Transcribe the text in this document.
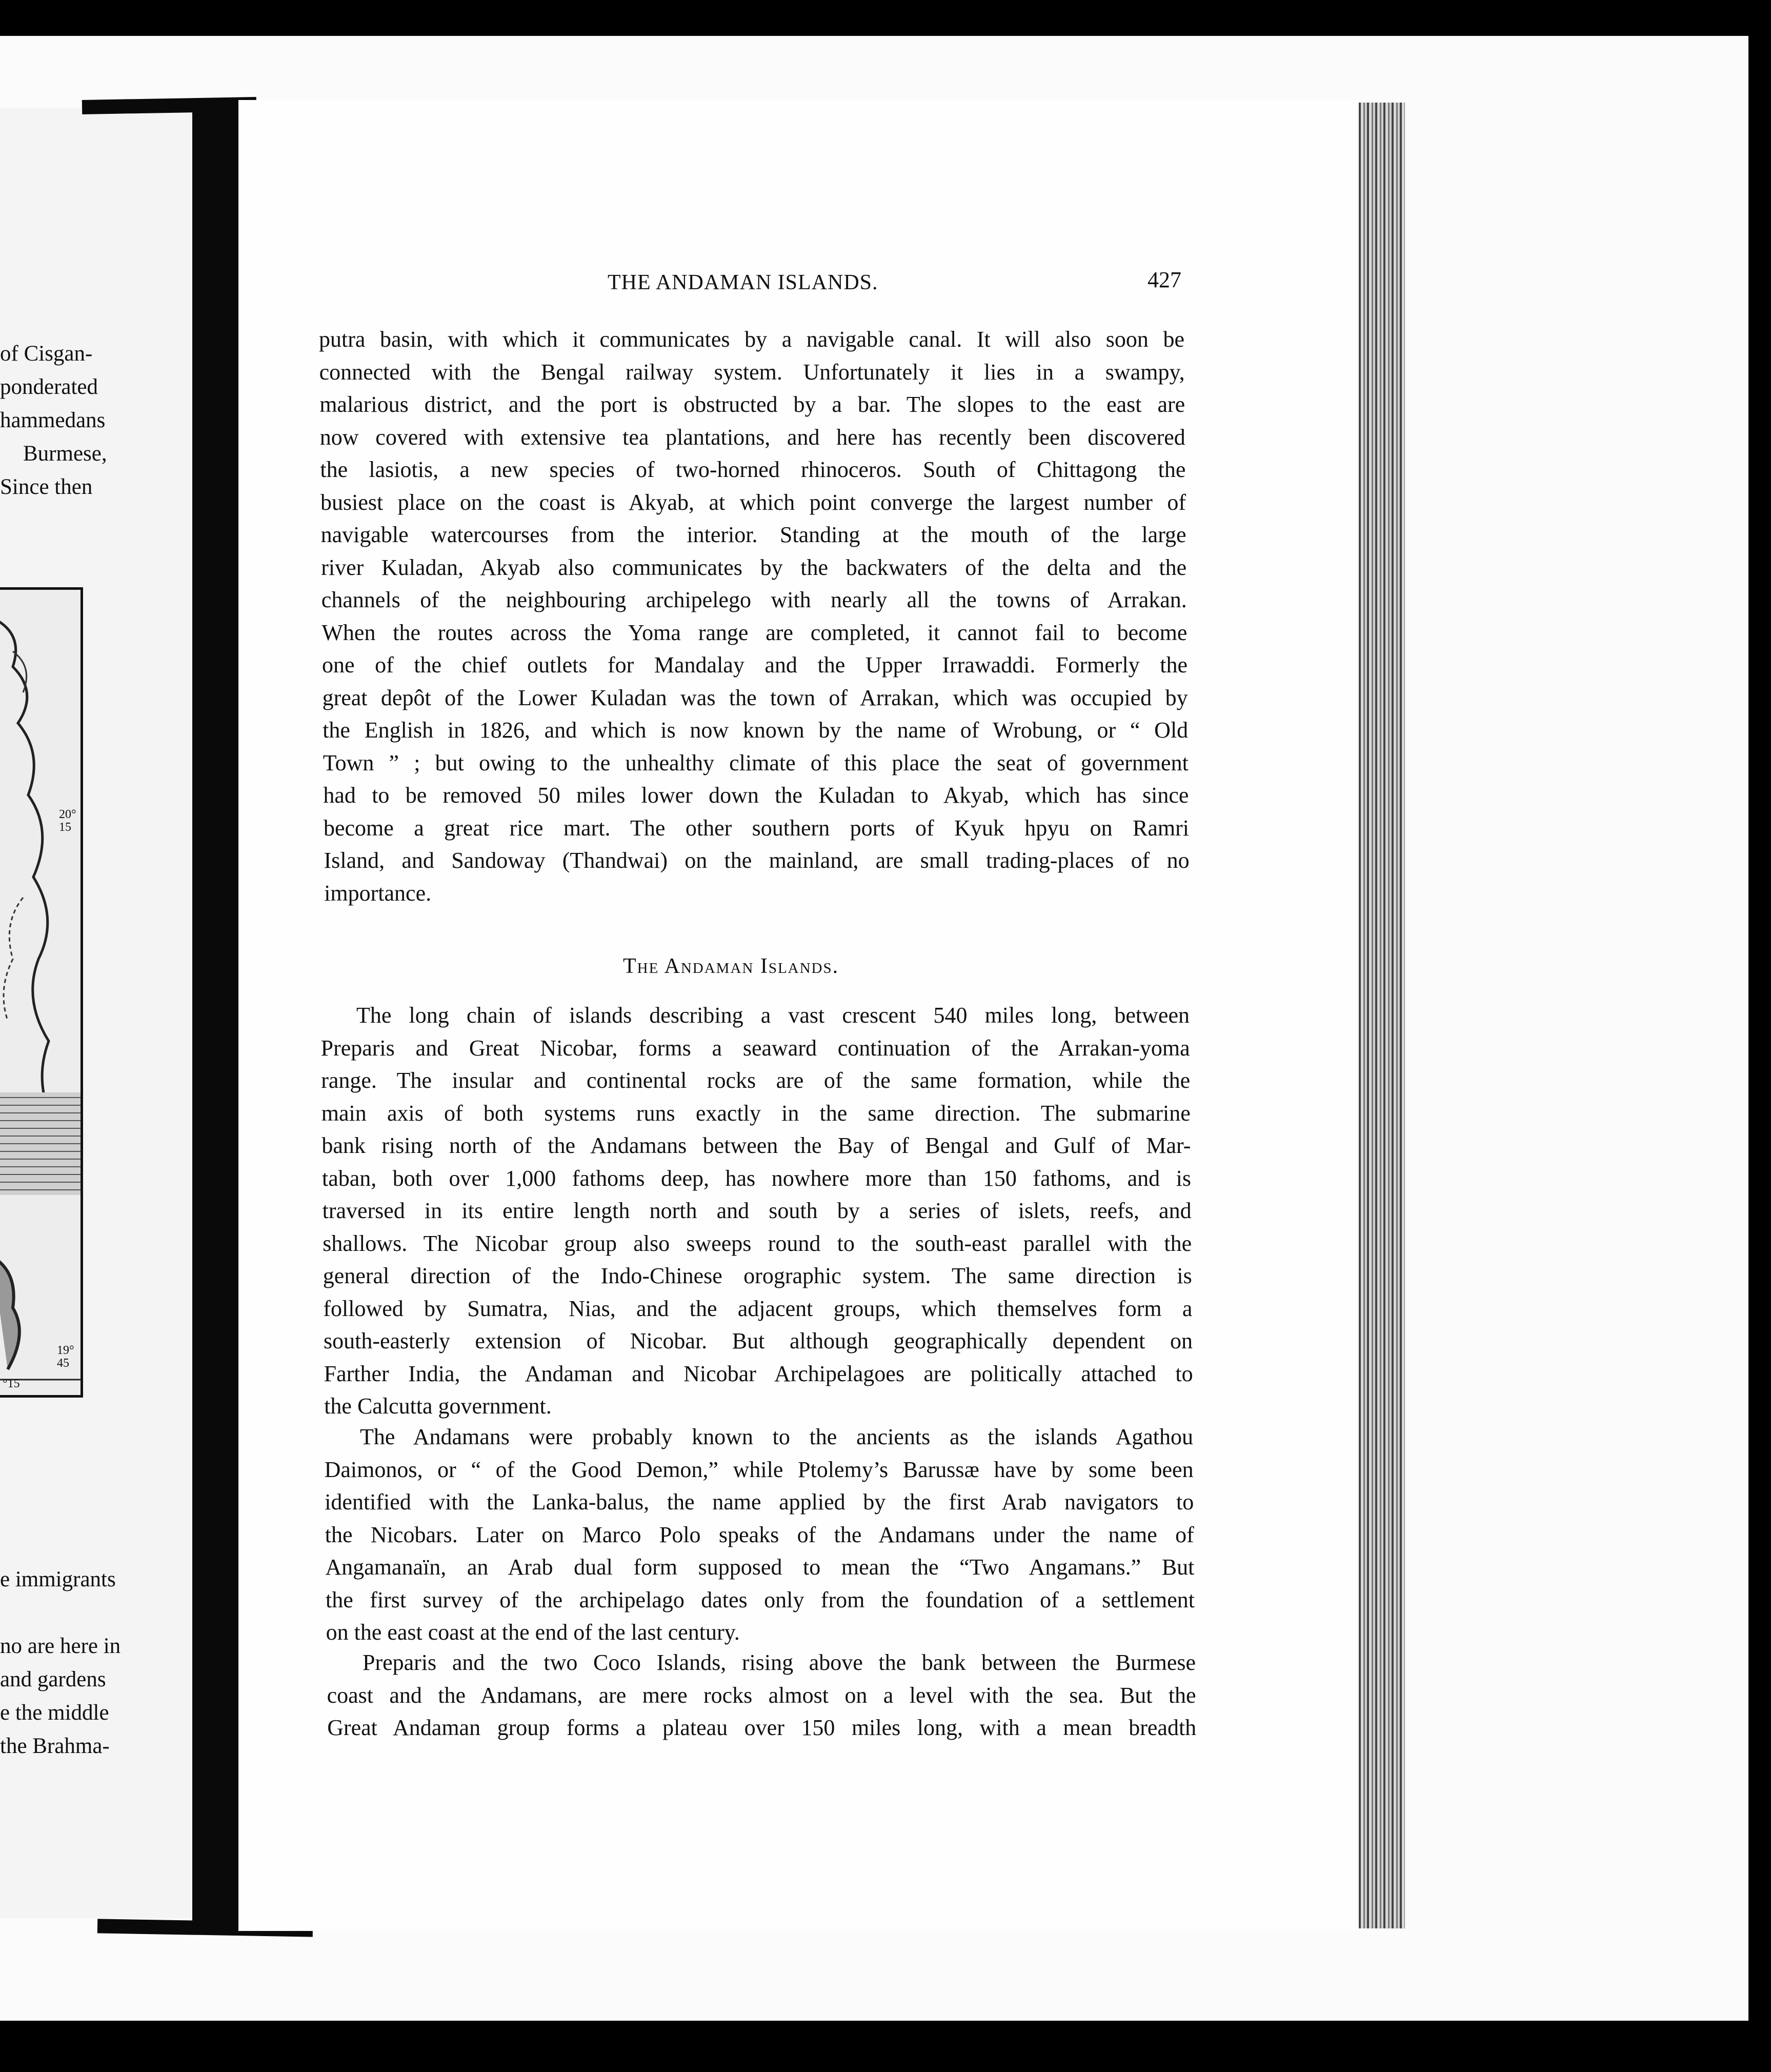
of Cisgan-
ponderated
hammedans
Burmese,
Since then
20°
15
19°
45
°15
e immigrants
no are here in
and gardens
e the middle
the Brahma-
THE ANDAMAN ISLANDS.	427
putra basin, with which it communicates by a navigable canal. It will also soon be
connected with the Bengal railway system. Unfortunately it lies in a swampy,
malarious district, and the port is obstructed by a bar. The slopes to the east are
now covered with extensive tea plantations, and here has recently been discovered
the lasiotis, a new species of two-horned rhinoceros. South of Chittagong the
busiest place on the coast is Akyab, at which point converge the largest number of
navigable watercourses from the interior. Standing at the mouth of the large
river Kuladan, Akyab also communicates by the backwaters of the delta and the
channels of the neighbouring archipelego with nearly all the towns of Arrakan.
When the routes across the Yoma range are completed, it cannot fail to become
one of the chief outlets for Mandalay and the Upper Irrawaddi. Formerly the
great depôt of the Lower Kuladan was the town of Arrakan, which was occupied by
the English in 1826, and which is now known by the name of Wrobung, or “ Old
Town ” ; but owing to the unhealthy climate of this place the seat of government
had to be removed 50 miles lower down the Kuladan to Akyab, which has since
become a great rice mart. The other southern ports of Kyuk hpyu on Ramri
Island, and Sandoway (Thandwai) on the mainland, are small trading-places of no
importance.
The Andaman Islands.
The long chain of islands describing a vast crescent 540 miles long, between
Preparis and Great Nicobar, forms a seaward continuation of the Arrakan-yoma
range. The insular and continental rocks are of the same formation, while the
main axis of both systems runs exactly in the same direction. The submarine
bank rising north of the Andamans between the Bay of Bengal and Gulf of Mar-
taban, both over 1,000 fathoms deep, has nowhere more than 150 fathoms, and is
traversed in its entire length north and south by a series of islets, reefs, and
shallows. The Nicobar group also sweeps round to the south-east parallel with the
general direction of the Indo-Chinese orographic system. The same direction is
followed by Sumatra, Nias, and the adjacent groups, which themselves form a
south-easterly extension of Nicobar. But although geographically dependent on
Farther India, the Andaman and Nicobar Archipelagoes are politically attached to
the Calcutta government.
The Andamans were probably known to the ancients as the islands Agathou
Daimonos, or “ of the Good Demon,” while Ptolemy’s Barussæ have by some been
identified with the Lanka-balus, the name applied by the first Arab navigators to
the Nicobars. Later on Marco Polo speaks of the Andamans under the name of
Angamanaïn, an Arab dual form supposed to mean the “Two Angamans.” But
the first survey of the archipelago dates only from the foundation of a settlement
on the east coast at the end of the last century.
Preparis and the two Coco Islands, rising above the bank between the Burmese
coast and the Andamans, are mere rocks almost on a level with the sea. But the
Great Andaman group forms a plateau over 150 miles long, with a mean breadth
